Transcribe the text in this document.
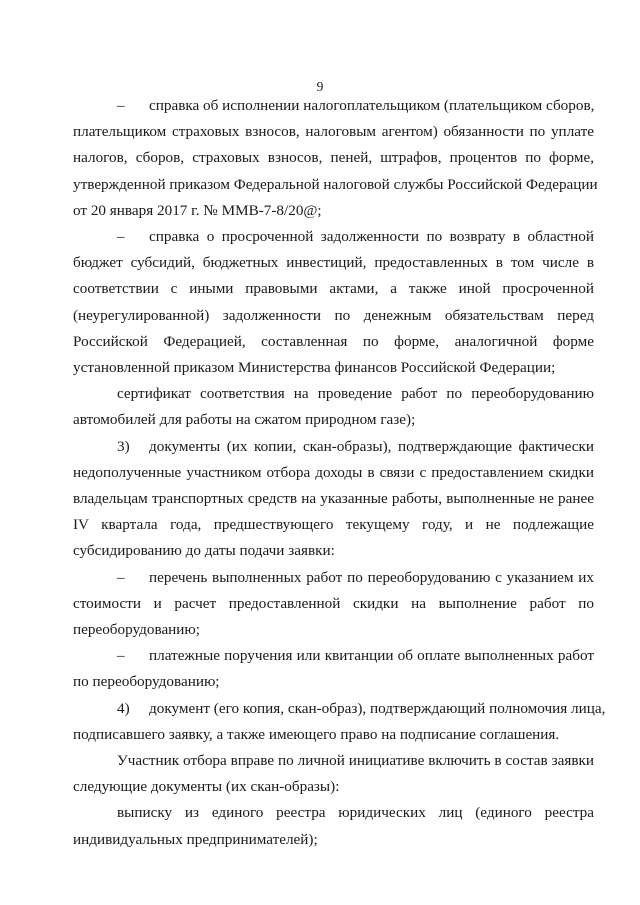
9
– справка об исполнении налогоплательщиком (плательщиком сборов,
плательщиком страховых взносов, налоговым агентом) обязанности по уплате
налогов, сборов, страховых взносов, пеней, штрафов, процентов по форме,
утвержденной приказом Федеральной налоговой службы Российской Федерации
от 20 января 2017 г. № ММВ-7-8/20@;
– справка о просроченной задолженности по возврату в областной
бюджет субсидий, бюджетных инвестиций, предоставленных в том числе в
соответствии с иными правовыми актами, а также иной просроченной
(неурегулированной) задолженности по денежным обязательствам перед
Российской Федерацией, составленная по форме, аналогичной форме
установленной приказом Министерства финансов Российской Федерации;
сертификат соответствия на проведение работ по переоборудованию
автомобилей для работы на сжатом природном газе);
3) документы (их копии, скан-образы), подтверждающие фактически
недополученные участником отбора доходы в связи с предоставлением скидки
владельцам транспортных средств на указанные работы, выполненные не ранее
IV квартала года, предшествующего текущему году, и не подлежащие
субсидированию до даты подачи заявки:
– перечень выполненных работ по переоборудованию с указанием их
стоимости и расчет предоставленной скидки на выполнение работ по
переоборудованию;
– платежные поручения или квитанции об оплате выполненных работ
по переоборудованию;
4) документ (его копия, скан-образ), подтверждающий полномочия лица,
подписавшего заявку, а также имеющего право на подписание соглашения.
Участник отбора вправе по личной инициативе включить в состав заявки
следующие документы (их скан-образы):
выписку из единого реестра юридических лиц (единого реестра
индивидуальных предпринимателей);
